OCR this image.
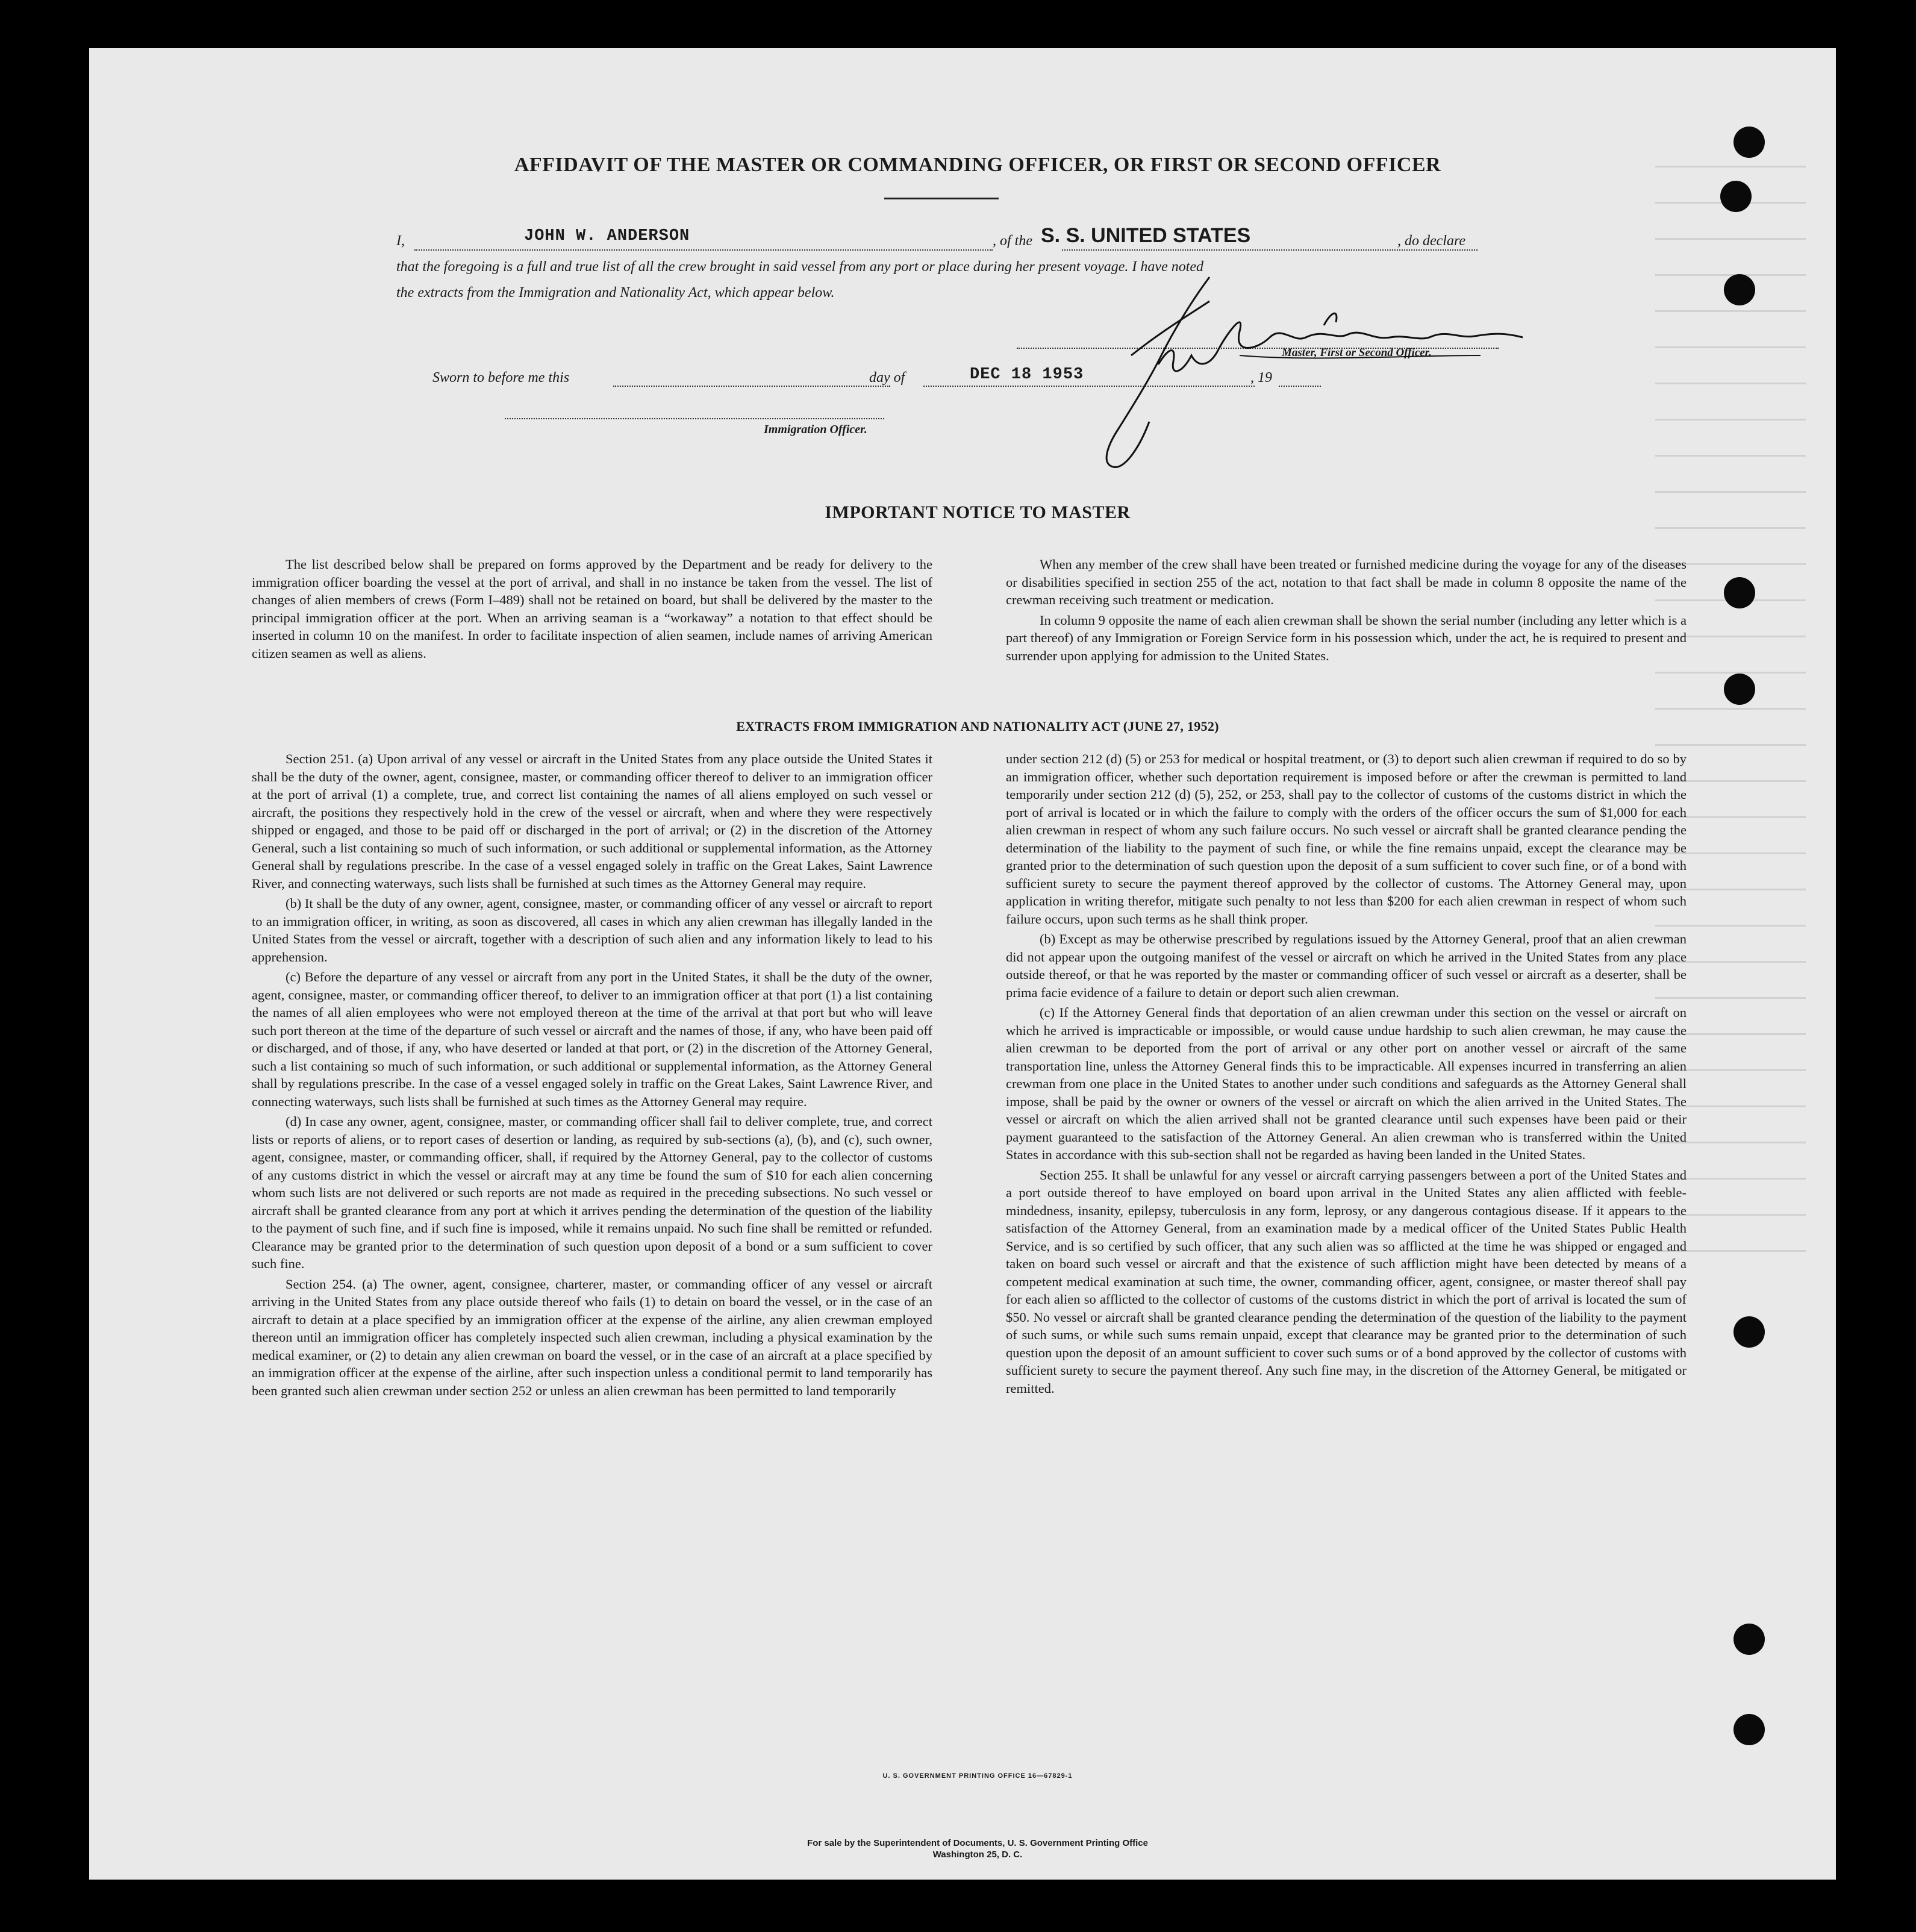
AFFIDAVIT OF THE MASTER OR COMMANDING OFFICER, OR FIRST OR SECOND OFFICER
I,	JOHN W. ANDERSON	, of the S. S. UNITED STATES	, do declare
that the foregoing is a full and true list of all the crew brought in said vessel from any port or place during her present voyage. I have noted
the extracts from the Immigration and Nationality Act, which appear below.
Master, First or Second Officer.
Sworn to before me this	day of	DEC 18 1953	, 19
Immigration Officer.
IMPORTANT NOTICE TO MASTER

The list described below shall be prepared on forms approved by the Department and be ready for delivery to the immigration officer boarding the vessel at the port of arrival, and shall in no instance be taken from the vessel. The list of changes of alien members of crews (Form I–489) shall not be retained on board, but shall be delivered by the master to the principal immigration officer at the port. When an arriving seaman is a “workaway” a notation to that effect should be inserted in column 10 on the manifest. In order to facilitate inspection of alien seamen, include names of arriving American citizen seamen as well as aliens.

When any member of the crew shall have been treated or furnished medicine during the voyage for any of the diseases or disabilities specified in section 255 of the act, notation to that fact shall be made in column 8 opposite the name of the crewman receiving such treatment or medication.

In column 9 opposite the name of each alien crewman shall be shown the serial number (including any letter which is a part thereof) of any Immigration or Foreign Service form in his possession which, under the act, he is required to present and surrender upon applying for admission to the United States.

EXTRACTS FROM IMMIGRATION AND NATIONALITY ACT (JUNE 27, 1952)

Section 251. (a) Upon arrival of any vessel or aircraft in the United States from any place outside the United States it shall be the duty of the owner, agent, consignee, master, or commanding officer thereof to deliver to an immigration officer at the port of arrival (1) a complete, true, and correct list containing the names of all aliens employed on such vessel or aircraft, the positions they respectively hold in the crew of the vessel or aircraft, when and where they were respectively shipped or engaged, and those to be paid off or discharged in the port of arrival; or (2) in the discretion of the Attorney General, such a list containing so much of such information, or such additional or supplemental information, as the Attorney General shall by regulations prescribe. In the case of a vessel engaged solely in traffic on the Great Lakes, Saint Lawrence River, and connecting waterways, such lists shall be furnished at such times as the Attorney General may require.

(b) It shall be the duty of any owner, agent, consignee, master, or commanding officer of any vessel or aircraft to report to an immigration officer, in writing, as soon as discovered, all cases in which any alien crewman has illegally landed in the United States from the vessel or aircraft, together with a description of such alien and any information likely to lead to his apprehension.

(c) Before the departure of any vessel or aircraft from any port in the United States, it shall be the duty of the owner, agent, consignee, master, or commanding officer thereof, to deliver to an immigration officer at that port (1) a list containing the names of all alien employees who were not employed thereon at the time of the arrival at that port but who will leave such port thereon at the time of the departure of such vessel or aircraft and the names of those, if any, who have been paid off or discharged, and of those, if any, who have deserted or landed at that port, or (2) in the discretion of the Attorney General, such a list containing so much of such information, or such additional or supplemental information, as the Attorney General shall by regulations prescribe. In the case of a vessel engaged solely in traffic on the Great Lakes, Saint Lawrence River, and connecting waterways, such lists shall be furnished at such times as the Attorney General may require.

(d) In case any owner, agent, consignee, master, or commanding officer shall fail to deliver complete, true, and correct lists or reports of aliens, or to report cases of desertion or landing, as required by sub-sections (a), (b), and (c), such owner, agent, consignee, master, or commanding officer, shall, if required by the Attorney General, pay to the collector of customs of any customs district in which the vessel or aircraft may at any time be found the sum of $10 for each alien concerning whom such lists are not delivered or such reports are not made as required in the preceding subsections. No such vessel or aircraft shall be granted clearance from any port at which it arrives pending the determination of the question of the liability to the payment of such fine, and if such fine is imposed, while it remains unpaid. No such fine shall be remitted or refunded. Clearance may be granted prior to the determination of such question upon deposit of a bond or a sum sufficient to cover such fine.

Section 254. (a) The owner, agent, consignee, charterer, master, or commanding officer of any vessel or aircraft arriving in the United States from any place outside thereof who fails (1) to detain on board the vessel, or in the case of an aircraft to detain at a place specified by an immigration officer at the expense of the airline, any alien crewman employed thereon until an immigration officer has completely inspected such alien crewman, including a physical examination by the medical examiner, or (2) to detain any alien crewman on board the vessel, or in the case of an aircraft at a place specified by an immigration officer at the expense of the airline, after such inspection unless a conditional permit to land temporarily has been granted such alien crewman under section 252 or unless an alien crewman has been permitted to land temporarily

under section 212 (d) (5) or 253 for medical or hospital treatment, or (3) to deport such alien crewman if required to do so by an immigration officer, whether such deportation requirement is imposed before or after the crewman is permitted to land temporarily under section 212 (d) (5), 252, or 253, shall pay to the collector of customs of the customs district in which the port of arrival is located or in which the failure to comply with the orders of the officer occurs the sum of $1,000 for each alien crewman in respect of whom any such failure occurs. No such vessel or aircraft shall be granted clearance pending the determination of the liability to the payment of such fine, or while the fine remains unpaid, except the clearance may be granted prior to the determination of such question upon the deposit of a sum sufficient to cover such fine, or of a bond with sufficient surety to secure the payment thereof approved by the collector of customs. The Attorney General may, upon application in writing therefor, mitigate such penalty to not less than $200 for each alien crewman in respect of whom such failure occurs, upon such terms as he shall think proper.

(b) Except as may be otherwise prescribed by regulations issued by the Attorney General, proof that an alien crewman did not appear upon the outgoing manifest of the vessel or aircraft on which he arrived in the United States from any place outside thereof, or that he was reported by the master or commanding officer of such vessel or aircraft as a deserter, shall be prima facie evidence of a failure to detain or deport such alien crewman.

(c) If the Attorney General finds that deportation of an alien crewman under this section on the vessel or aircraft on which he arrived is impracticable or impossible, or would cause undue hardship to such alien crewman, he may cause the alien crewman to be deported from the port of arrival or any other port on another vessel or aircraft of the same transportation line, unless the Attorney General finds this to be impracticable. All expenses incurred in transferring an alien crewman from one place in the United States to another under such conditions and safeguards as the Attorney General shall impose, shall be paid by the owner or owners of the vessel or aircraft on which the alien arrived in the United States. The vessel or aircraft on which the alien arrived shall not be granted clearance until such expenses have been paid or their payment guaranteed to the satisfaction of the Attorney General. An alien crewman who is transferred within the United States in accordance with this sub-section shall not be regarded as having been landed in the United States.

Section 255. It shall be unlawful for any vessel or aircraft carrying passengers between a port of the United States and a port outside thereof to have employed on board upon arrival in the United States any alien afflicted with feeble-mindedness, insanity, epilepsy, tuberculosis in any form, leprosy, or any dangerous contagious disease. If it appears to the satisfaction of the Attorney General, from an examination made by a medical officer of the United States Public Health Service, and is so certified by such officer, that any such alien was so afflicted at the time he was shipped or engaged and taken on board such vessel or aircraft and that the existence of such affliction might have been detected by means of a competent medical examination at such time, the owner, commanding officer, agent, consignee, or master thereof shall pay for each alien so afflicted to the collector of customs of the customs district in which the port of arrival is located the sum of $50. No vessel or aircraft shall be granted clearance pending the determination of the question of the liability to the payment of such sums, or while such sums remain unpaid, except that clearance may be granted prior to the determination of such question upon the deposit of an amount sufficient to cover such sums or of a bond approved by the collector of customs with sufficient surety to secure the payment thereof. Any such fine may, in the discretion of the Attorney General, be mitigated or remitted.

U. S. GOVERNMENT PRINTING OFFICE 16—67829-1
For sale by the Superintendent of Documents, U. S. Government Printing Office
Washington 25, D. C.
